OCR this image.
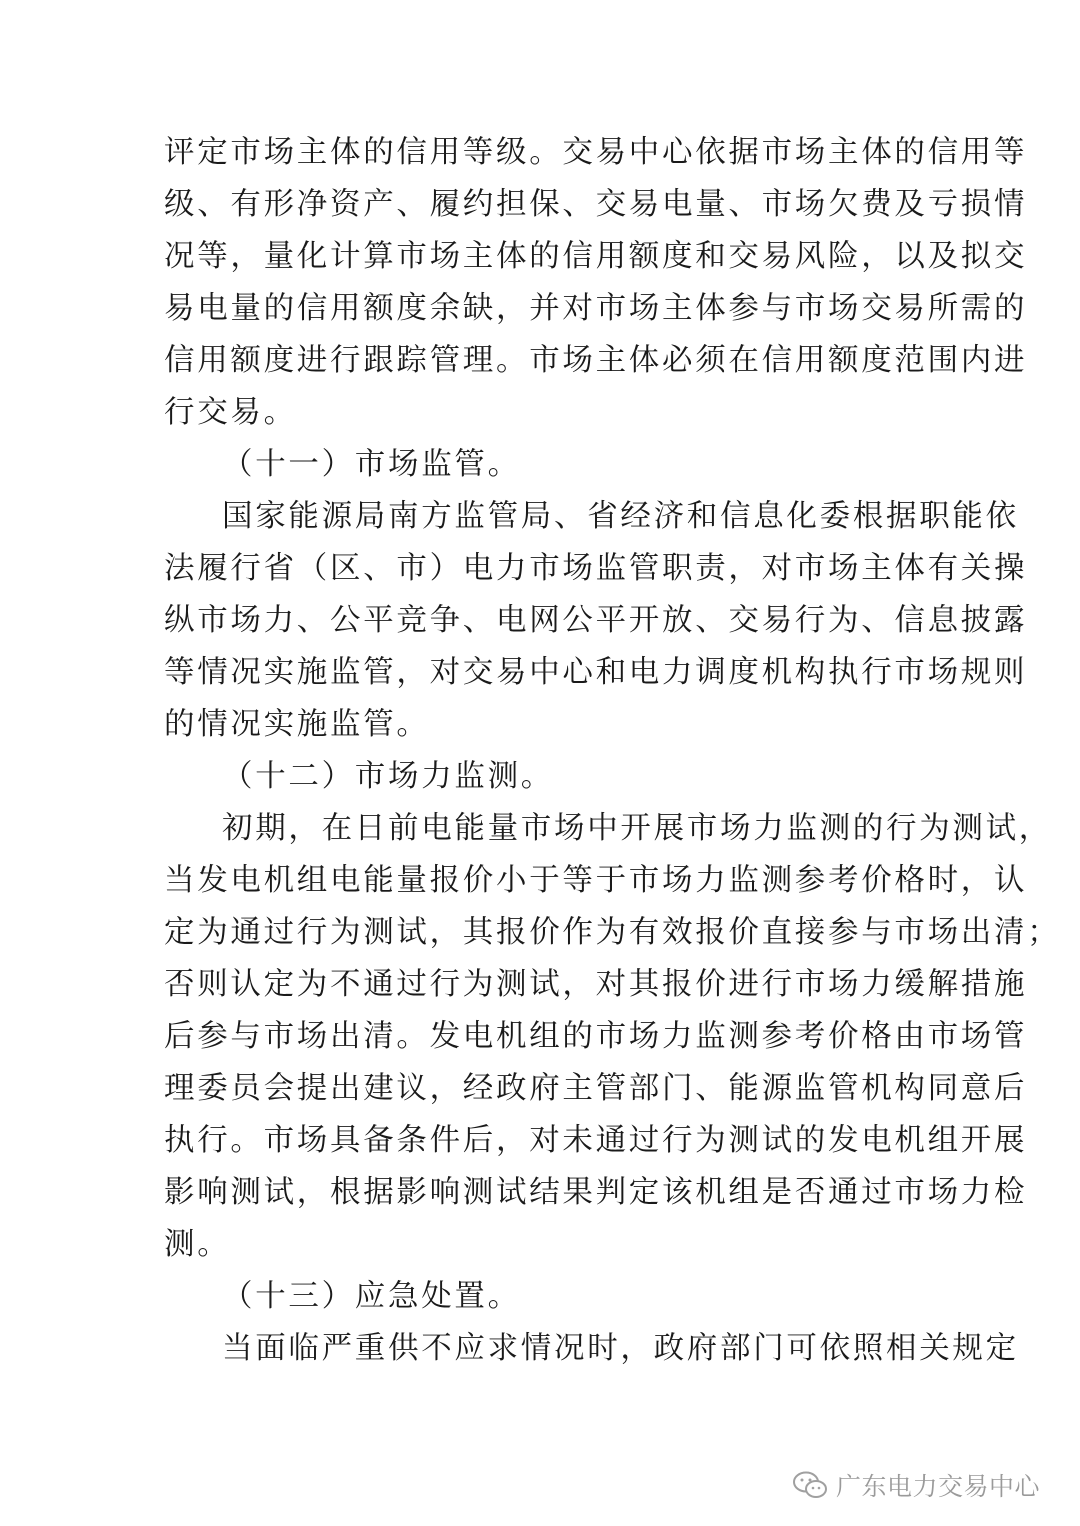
评定市场主体的信用等级。交易中心依据市场主体的信用等
级、有形净资产、履约担保、交易电量、市场欠费及亏损情
况等，量化计算市场主体的信用额度和交易风险，以及拟交
易电量的信用额度余缺，并对市场主体参与市场交易所需的
信用额度进行跟踪管理。市场主体必须在信用额度范围内进
行交易。
（十一）市场监管。
国家能源局南方监管局、省经济和信息化委根据职能依
法履行省（区、市）电力市场监管职责，对市场主体有关操
纵市场力、公平竞争、电网公平开放、交易行为、信息披露
等情况实施监管，对交易中心和电力调度机构执行市场规则
的情况实施监管。
（十二）市场力监测。
初期，在日前电能量市场中开展市场力监测的行为测试，
当发电机组电能量报价小于等于市场力监测参考价格时，认
定为通过行为测试，其报价作为有效报价直接参与市场出清；
否则认定为不通过行为测试，对其报价进行市场力缓解措施
后参与市场出清。发电机组的市场力监测参考价格由市场管
理委员会提出建议，经政府主管部门、能源监管机构同意后
执行。市场具备条件后，对未通过行为测试的发电机组开展
影响测试，根据影响测试结果判定该机组是否通过市场力检
测。
（十三）应急处置。
当面临严重供不应求情况时，政府部门可依照相关规定
广东电力交易中心
